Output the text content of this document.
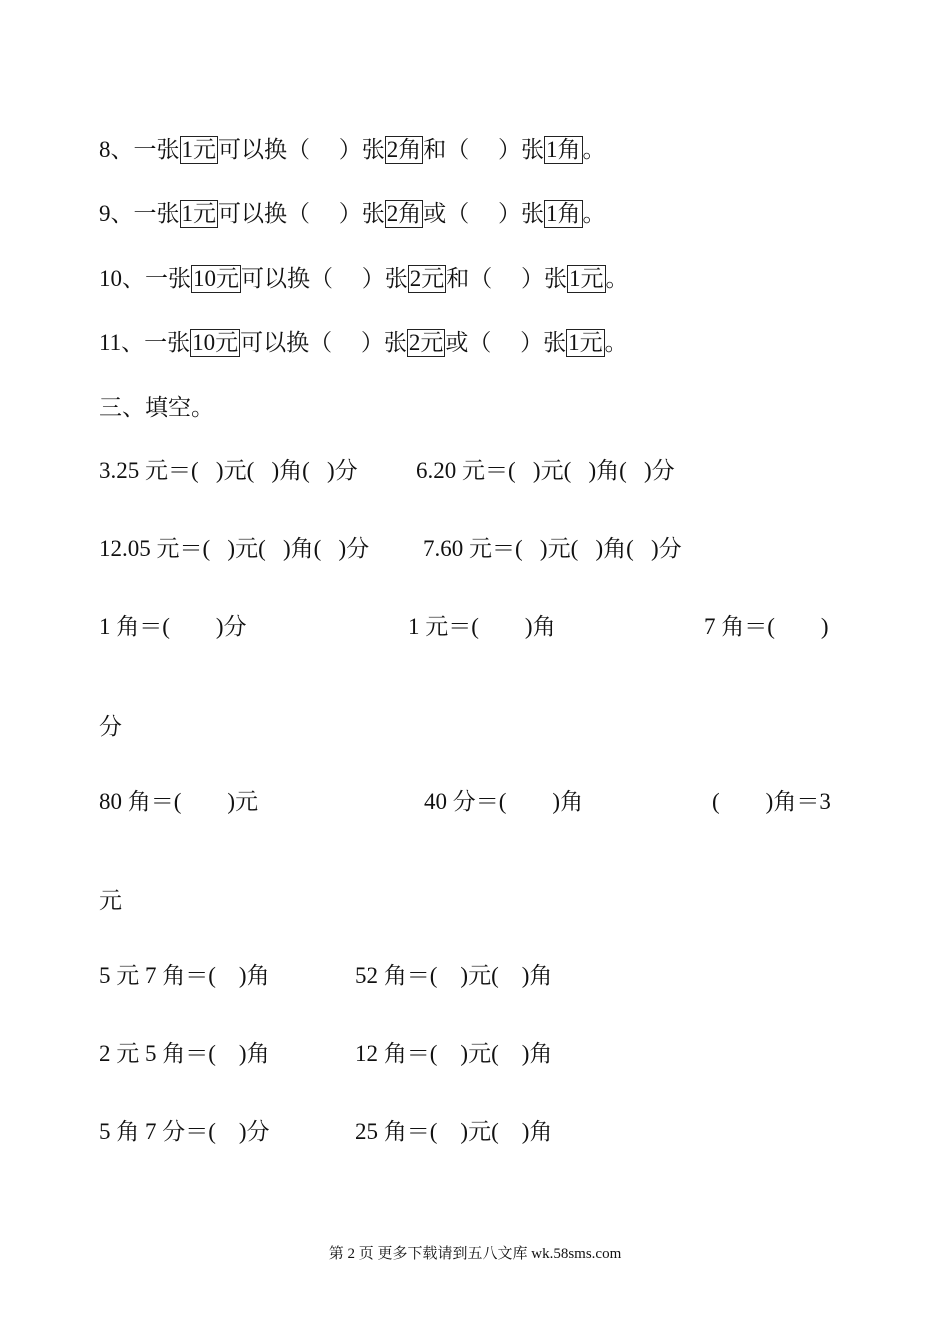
8、一张1元可以换（　 ）张2角和（　 ）张1角。
9、一张1元可以换（　 ）张2角或（　 ）张1角。
10、一张10元可以换（　 ）张2元和（　 ）张1元。
11、一张10元可以换（　 ）张2元或（　 ）张1元。
三、填空。
3.25 元＝(   )元(   )角(   )分	6.20 元＝(   )元(   )角(   )分
12.05 元＝(   )元(   )角(   )分 7.60 元＝(   )元(   )角(   )分
1 角＝(　　)分	1 元＝(　　)角	7 角＝(　　)
分
80 角＝(　　)元	40 分＝(　　)角	(　　)角＝3
元
5 元 7 角＝(    )角	52 角＝(    )元(    )角
2 元 5 角＝(    )角	12 角＝(    )元(    )角
5 角 7 分＝(    )分	25 角＝(    )元(    )角
第 2 页 更多下载请到五八文库 wk.58sms.com
